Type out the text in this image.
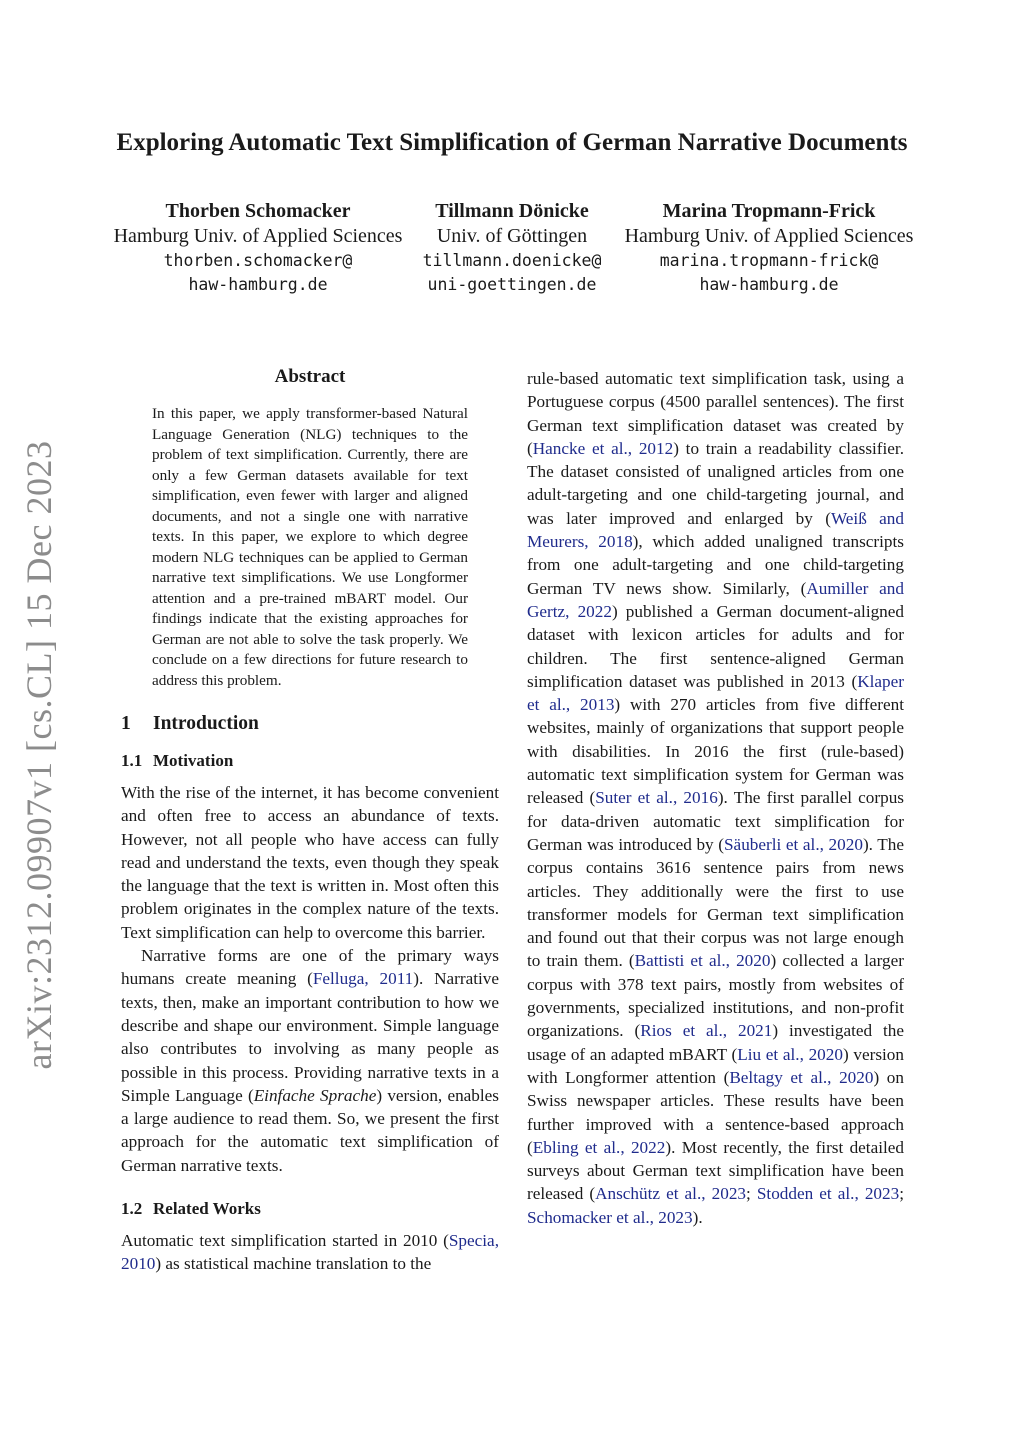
arXiv:2312.09907v1 [cs.CL] 15 Dec 2023
Exploring Automatic Text Simplification of German Narrative Documents
Thorben Schomacker
Hamburg Univ. of Applied Sciences
thorben.schomacker@
haw-hamburg.de
Tillmann Dönicke
Univ. of Göttingen
tillmann.doenicke@
uni-goettingen.de
Marina Tropmann-Frick
Hamburg Univ. of Applied Sciences
marina.tropmann-frick@
haw-hamburg.de
Abstract
In this paper, we apply transformer-based Natural Language Generation (NLG) techniques to the problem of text simplification. Currently, there are only a few German datasets available for text simplification, even fewer with larger and aligned documents, and not a single one with narrative texts. In this paper, we explore to which degree modern NLG techniques can be applied to German narrative text simplifications. We use Longformer attention and a pre-trained mBART model. Our findings indicate that the existing approaches for German are not able to solve the task properly. We conclude on a few directions for future research to address this problem.
1 Introduction
1.1 Motivation

With the rise of the internet, it has become convenient and often free to access an abundance of texts. However, not all people who have access can fully read and understand the texts, even though they speak the language that the text is written in. Most often this problem originates in the complex nature of the texts. Text simplification can help to overcome this barrier.

Narrative forms are one of the primary ways humans create meaning (Felluga, 2011). Narrative texts, then, make an important contribution to how we describe and shape our environment. Simple language also contributes to involving as many people as possible in this process. Providing narrative texts in a Simple Language (Einfache Sprache) version, enables a large audience to read them. So, we present the first approach for the automatic text simplification of German narrative texts.

1.2 Related Works

Automatic text simplification started in 2010 (Specia, 2010) as statistical machine translation to the

rule-based automatic text simplification task, using a Portuguese corpus (4500 parallel sentences). The first German text simplification dataset was created by (Hancke et al., 2012) to train a readability classifier. The dataset consisted of unaligned articles from one adult-targeting and one child-targeting journal, and was later improved and enlarged by (Weiß and Meurers, 2018), which added unaligned transcripts from one adult-targeting and one child-targeting German TV news show. Similarly, (Aumiller and Gertz, 2022) published a German document-aligned dataset with lexicon articles for adults and for children. The first sentence-aligned German simplification dataset was published in 2013 (Klaper et al., 2013) with 270 articles from five different websites, mainly of organizations that support people with disabilities. In 2016 the first (rule-based) automatic text simplification system for German was released (Suter et al., 2016). The first parallel corpus for data-driven automatic text simplification for German was introduced by (Säuberli et al., 2020). The corpus contains 3616 sentence pairs from news articles. They additionally were the first to use transformer models for German text simplification and found out that their corpus was not large enough to train them. (Battisti et al., 2020) collected a larger corpus with 378 text pairs, mostly from websites of governments, specialized institutions, and non-profit organizations. (Rios et al., 2021) investigated the usage of an adapted mBART (Liu et al., 2020) version with Longformer attention (Beltagy et al., 2020) on Swiss newspaper articles. These results have been further improved with a sentence-based approach (Ebling et al., 2022). Most recently, the first detailed surveys about German text simplification have been released (Anschütz et al., 2023; Stodden et al., 2023; Schomacker et al., 2023).
